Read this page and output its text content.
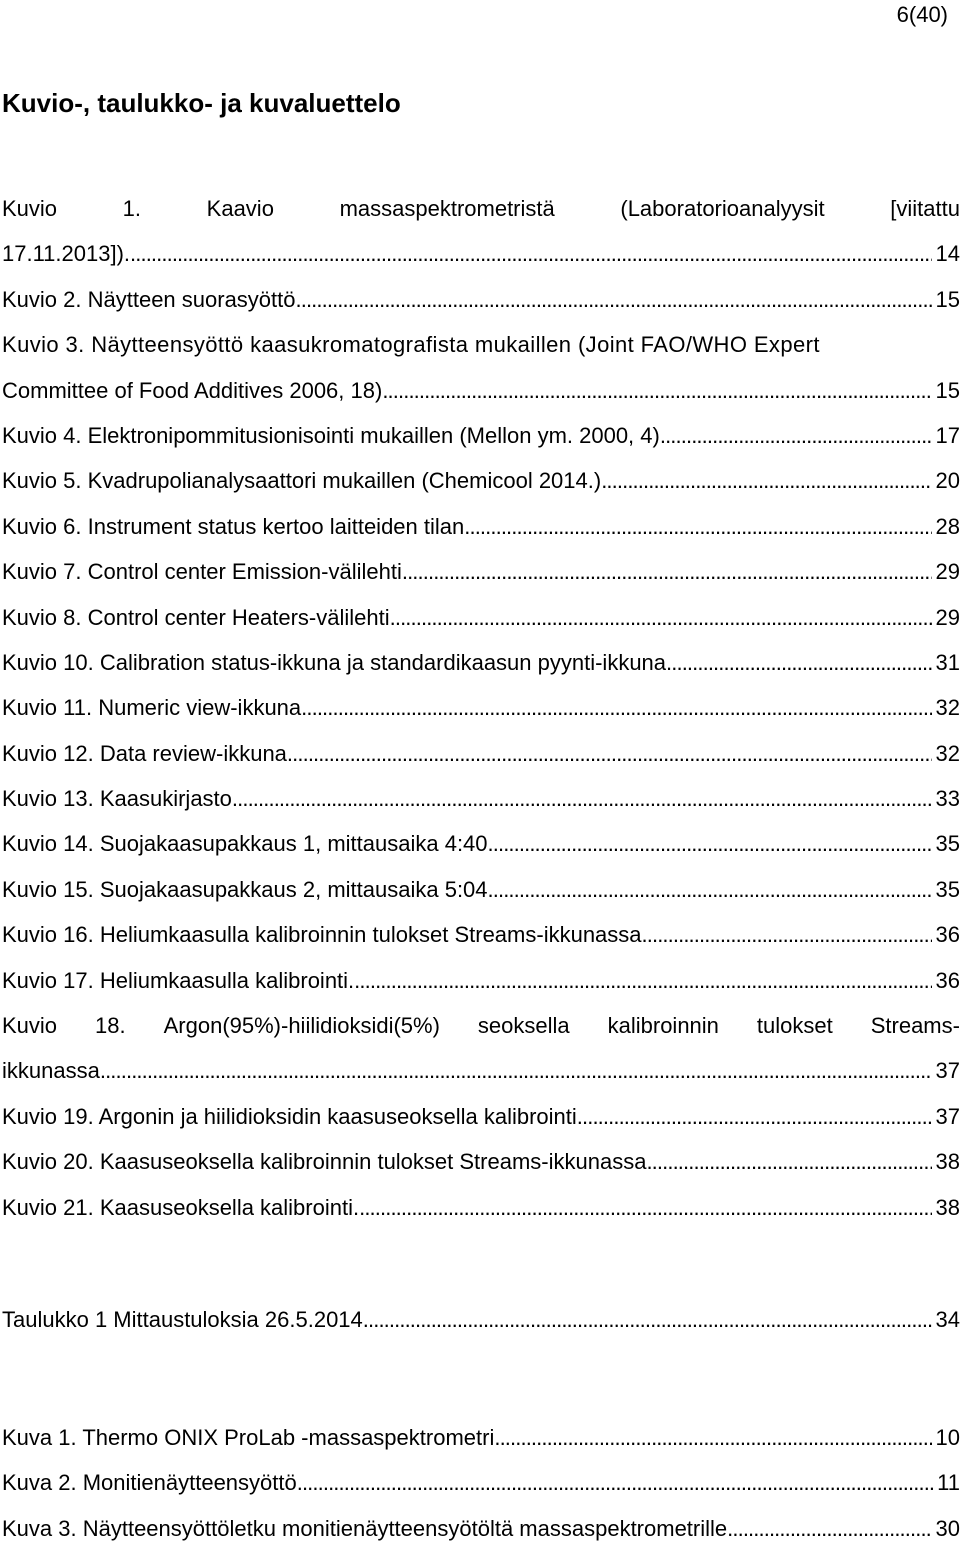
6(40)
Kuvio-, taulukko- ja kuvaluettelo
Kuvio	1.	Kaavio	massaspektrometristä	(Laboratorioanalyysit	[viitattu
17.11.2013]). . . .	14
Kuvio 2. Näytteen suorasyöttö . . .	15
Kuvio 3. Näytteensyöttö kaasukromatografista mukaillen (Joint FAO/WHO Expert
Committee of Food Additives 2006, 18) . . .	15
Kuvio 4. Elektronipommitusionisointi mukaillen (Mellon ym. 2000, 4) . . .	17
Kuvio 5. Kvadrupolianalysaattori mukaillen (Chemicool 2014.) . . .	20
Kuvio 6. Instrument status kertoo laitteiden tilan . . .	28
Kuvio 7. Control center Emission-välilehti . . .	29
Kuvio 8. Control center Heaters-välilehti . . .	29
Kuvio 10. Calibration status-ikkuna ja standardikaasun pyynti-ikkuna . . .	31
Kuvio 11. Numeric view-ikkuna . . .	32
Kuvio 12. Data review-ikkuna . . .	32
Kuvio 13. Kaasukirjasto . . .	33
Kuvio 14. Suojakaasupakkaus 1, mittausaika 4:40 . . .	35
Kuvio 15. Suojakaasupakkaus 2, mittausaika 5:04 . . .	35
Kuvio 16. Heliumkaasulla kalibroinnin tulokset Streams-ikkunassa . . .	36
Kuvio 17. Heliumkaasulla kalibrointi. . . .	36
Kuvio 18. Argon(95%)-hiilidioksidi(5%) seoksella kalibroinnin tulokset Streams-
ikkunassa . . .	37
Kuvio 19. Argonin ja hiilidioksidin kaasuseoksella kalibrointi . . .	37
Kuvio 20. Kaasuseoksella kalibroinnin tulokset Streams-ikkunassa . . .	38
Kuvio 21. Kaasuseoksella kalibrointi. . . .	38
Taulukko 1 Mittaustuloksia 26.5.2014 . . .	34
Kuva 1. Thermo ONIX ProLab -massaspektrometri . . .	10
Kuva 2. Monitienäytteensyöttö . . .	11
Kuva 3. Näytteensyöttöletku monitienäytteensyötöltä massaspektrometrille . . .	30
